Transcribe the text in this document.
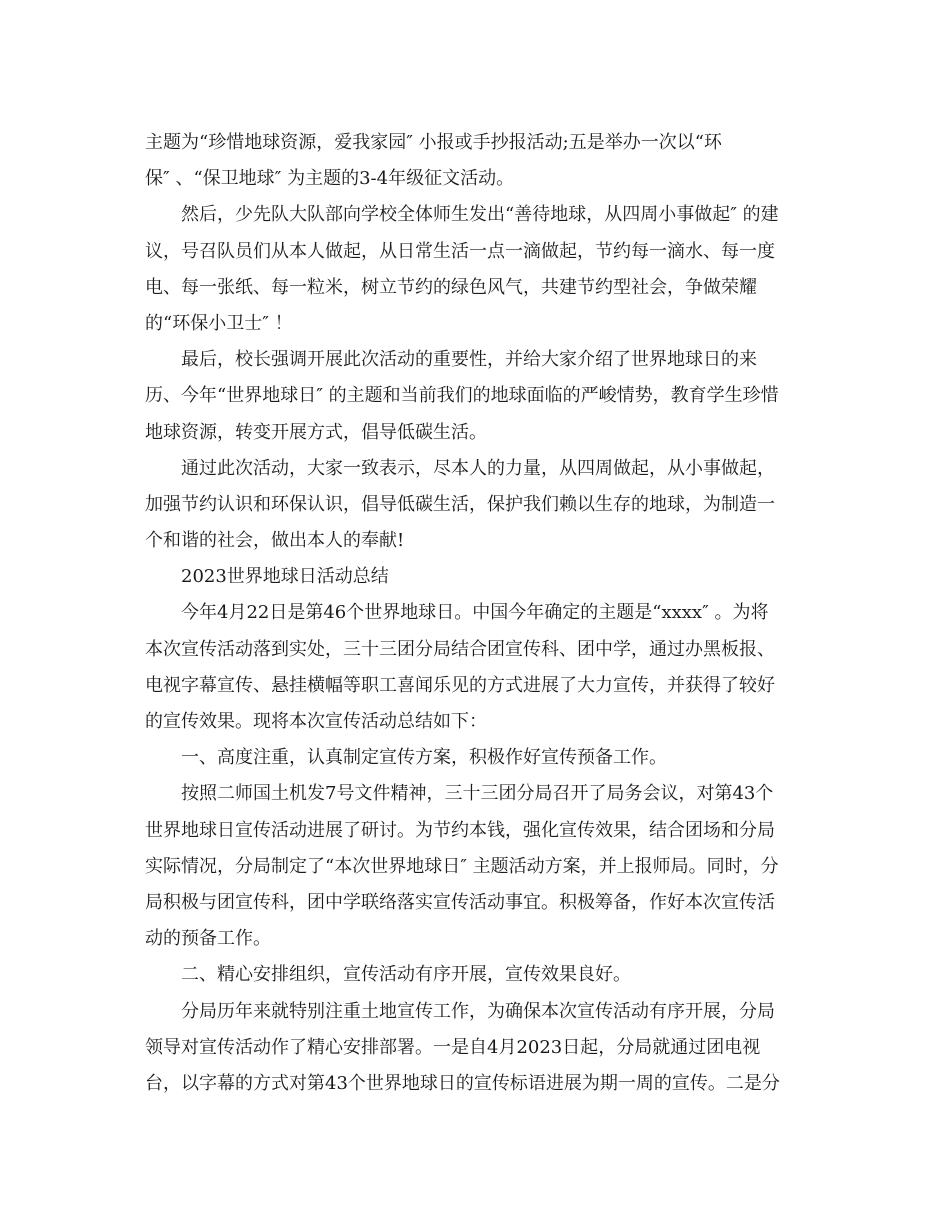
主题为“珍惜地球资源，爱我家园″ 小报或手抄报活动;五是举办一次以“环
保″ 、“保卫地球″ 为主题的3-4年级征文活动。
然后，少先队大队部向学校全体师生发出“善待地球，从四周小事做起″ 的建
议，号召队员们从本人做起，从日常生活一点一滴做起，节约每一滴水、每一度
电、每一张纸、每一粒米，树立节约的绿色风气，共建节约型社会，争做荣耀
的“环保小卫士″ ！
最后，校长强调开展此次活动的重要性，并给大家介绍了世界地球日的来
历、今年“世界地球日″ 的主题和当前我们的地球面临的严峻情势，教育学生珍惜
地球资源，转变开展方式，倡导低碳生活。
通过此次活动，大家一致表示，尽本人的力量，从四周做起，从小事做起，
加强节约认识和环保认识，倡导低碳生活，保护我们赖以生存的地球，为制造一
个和谐的社会，做出本人的奉献!
2023世界地球日活动总结
今年4月22日是第46个世界地球日。中国今年确定的主题是“xxxx″ 。为将
本次宣传活动落到实处，三十三团分局结合团宣传科、团中学，通过办黑板报、
电视字幕宣传、悬挂横幅等职工喜闻乐见的方式进展了大力宣传，并获得了较好
的宣传效果。现将本次宣传活动总结如下：
一、高度注重，认真制定宣传方案，积极作好宣传预备工作。
按照二师国土机发7号文件精神，三十三团分局召开了局务会议，对第43个
世界地球日宣传活动进展了研讨。为节约本钱，强化宣传效果，结合团场和分局
实际情况，分局制定了“本次世界地球日″ 主题活动方案，并上报师局。同时，分
局积极与团宣传科，团中学联络落实宣传活动事宜。积极筹备，作好本次宣传活
动的预备工作。
二、精心安排组织，宣传活动有序开展，宣传效果良好。
分局历年来就特别注重土地宣传工作，为确保本次宣传活动有序开展，分局
领导对宣传活动作了精心安排部署。一是自4月2023日起，分局就通过团电视
台，以字幕的方式对第43个世界地球日的宣传标语进展为期一周的宣传。二是分
